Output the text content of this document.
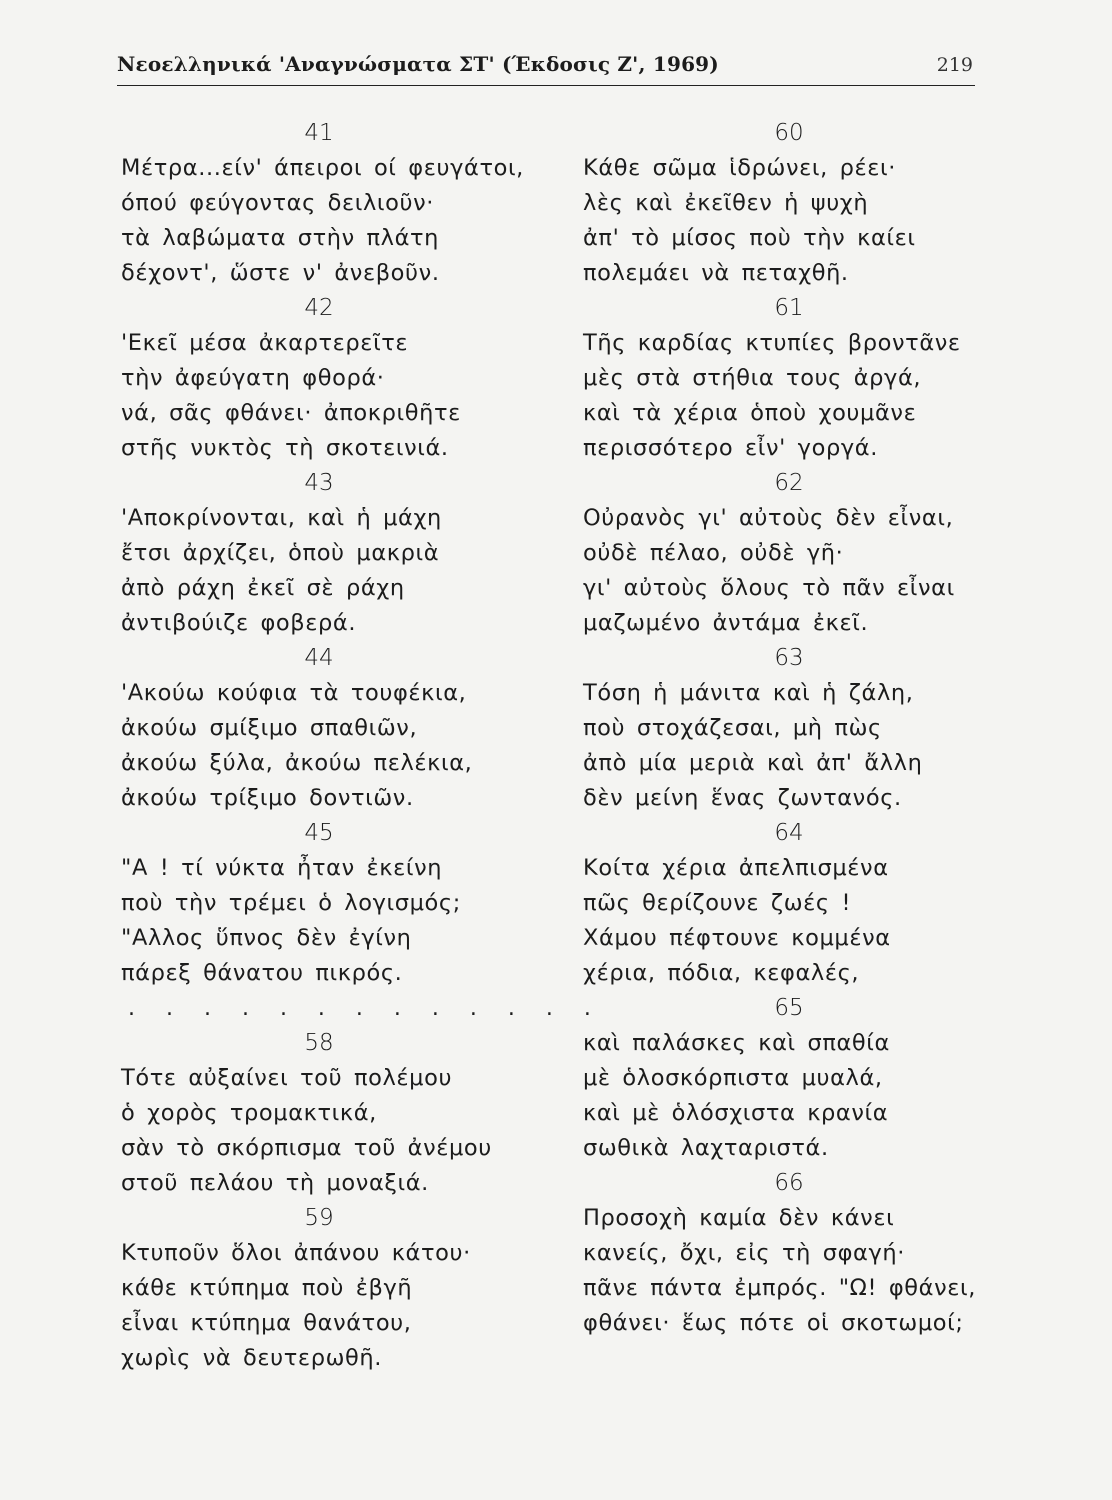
Νεοελληνικά 'Αναγνώσματα ΣΤ' (Έκδοσις Ζ', 1969)	219
41
Μέτρα...είν' άπειροι οί φευγάτοι,
όπού φεύγοντας δειλιοῦν·
τὰ λαβώματα στὴν πλάτη
δέχοντ', ὥστε ν' ἀνεβοῦν.
42
'Εκεῖ μέσα ἀκαρτερεῖτε
τὴν ἀφεύγατη φθορά·
νά, σᾶς φθάνει· ἀποκριθῆτε
στῆς νυκτὸς τὴ σκοτεινιά.
43
'Αποκρίνονται, καὶ ἡ μάχη
ἔτσι ἀρχίζει, ὁποὺ μακριὰ
ἀπὸ ράχη ἐκεῖ σὲ ράχη
ἀντιβούιζε φοβερά.
44
'Ακούω κούφια τὰ τουφέκια,
ἀκούω σμίξιμο σπαθιῶν,
ἀκούω ξύλα, ἀκούω πελέκια,
ἀκούω τρίξιμο δοντιῶν.
45
"Α ! τί νύκτα ἦταν ἐκείνη
ποὺ τὴν τρέμει ὁ λογισμός;
"Αλλος ὕπνος δὲν ἐγίνη
πάρεξ θάνατου πικρός.
. . . . . . . . . . . . .
58
Τότε αὐξαίνει τοῦ πολέμου
ὁ χορὸς τρομακτικά,
σὰν τὸ σκόρπισμα τοῦ ἀνέμου
στοῦ πελάου τὴ μοναξιά.
59
Κτυποῦν ὅλοι ἀπάνου κάτου·
κάθε κτύπημα ποὺ ἐβγῆ
εἶναι κτύπημα θανάτου,
χωρὶς νὰ δευτερωθῆ.
60
Κάθε σῶμα ἱδρώνει, ρέει·
λὲς καὶ ἐκεῖθεν ἡ ψυχὴ
ἀπ' τὸ μίσος ποὺ τὴν καίει
πολεμάει νὰ πεταχθῆ.
61
Τῆς καρδίας κτυπίες βροντᾶνε
μὲς στὰ στήθια τους ἀργά,
καὶ τὰ χέρια ὁποὺ χουμᾶνε
περισσότερο εἶν' γοργά.
62
Οὐρανὸς γι' αὐτοὺς δὲν εἶναι,
οὐδὲ πέλαο, οὐδὲ γῆ·
γι' αὐτοὺς ὅλους τὸ πᾶν εἶναι
μαζωμένο ἀντάμα ἐκεῖ.
63
Τόση ἡ μάνιτα καὶ ἡ ζάλη,
ποὺ στοχάζεσαι, μὴ πὼς
ἀπὸ μία μεριὰ καὶ ἀπ' ἄλλη
δὲν μείνη ἕνας ζωντανός.
64
Κοίτα χέρια ἀπελπισμένα
πῶς θερίζουνε ζωές !
Χάμου πέφτουνε κομμένα
χέρια, πόδια, κεφαλές,
65
καὶ παλάσκες καὶ σπαθία
μὲ ὁλοσκόρπιστα μυαλά,
καὶ μὲ ὁλόσχιστα κρανία
σωθικὰ λαχταριστά.
66
Προσοχὴ καμία δὲν κάνει
κανείς, ὄχι, εἰς τὴ σφαγή·
πᾶνε πάντα ἐμπρός. "Ω! φθάνει,
φθάνει· ἕως πότε οἱ σκοτωμοί;
